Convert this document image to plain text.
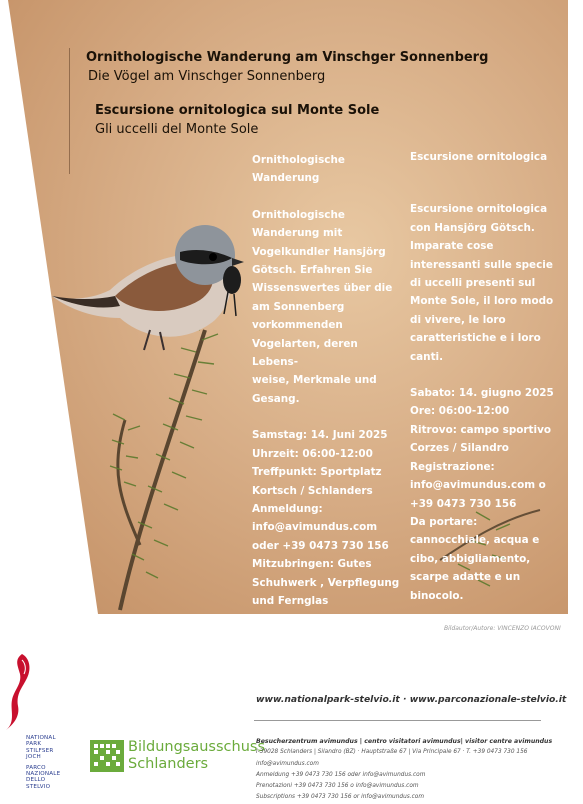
Ornithologische Wanderung am Vinschger Sonnenberg
Die Vögel am Vinschger Sonnenberg
Escursione ornitologica sul Monte Sole
Gli uccelli del Monte Sole

Ornithologische
Wanderung

Ornithologische
Wanderung mit
Vogelkundler Hansjörg
Götsch. Erfahren Sie
Wissenswertes über die
am Sonnenberg
vorkommenden
Vogelarten, deren Lebens-
weise, Merkmale und
Gesang.

Samstag: 14. Juni 2025
Uhrzeit: 06:00-12:00
Treffpunkt: Sportplatz
Kortsch / Schlanders
Anmeldung:
info@avimundus.com
oder +39 0473 730 156
Mitzubringen: Gutes
Schuhwerk , Verpflegung
und Fernglas

Escursione ornitologica

Escursione ornitologica
con Hansjörg Götsch.
Imparate cose
interessanti sulle specie
di uccelli presenti sul
Monte Sole, il loro modo
di vivere, le loro
caratteristiche e i loro
canti.

Sabato: 14. giugno 2025
Ore: 06:00-12:00
Ritrovo: campo sportivo
Corzes / Silandro
Registrazione:
info@avimundus.com o
+39 0473 730 156
Da portare:
cannocchiale, acqua e
cibo, abbigliamento,
scarpe adatte e un
binocolo.

Bildautor/Autore: VINCENZO IACOVONI
NATIONAL
PARK
STILFSER
JOCH
PARCO
NAZIONALE
DELLO
STELVIO
Bildungsausschuss
Schlanders
www.nationalpark-stelvio.it · www.parconazionale-stelvio.it
Besucherzentrum avimundus | centro visitatori avimundus| visitor centre avimundus
I-39028 Schlanders | Silandro (BZ) · Hauptstraße 67 | Via Principale 67 · T. +39 0473 730 156
info@avimundus.com
Anmeldung +39 0473 730 156 oder info@avimundus.com
Prenotazioni +39 0473 730 156 o info@avimundus.com
Subscriptions +39 0473 730 156 or info@avimundus.com
